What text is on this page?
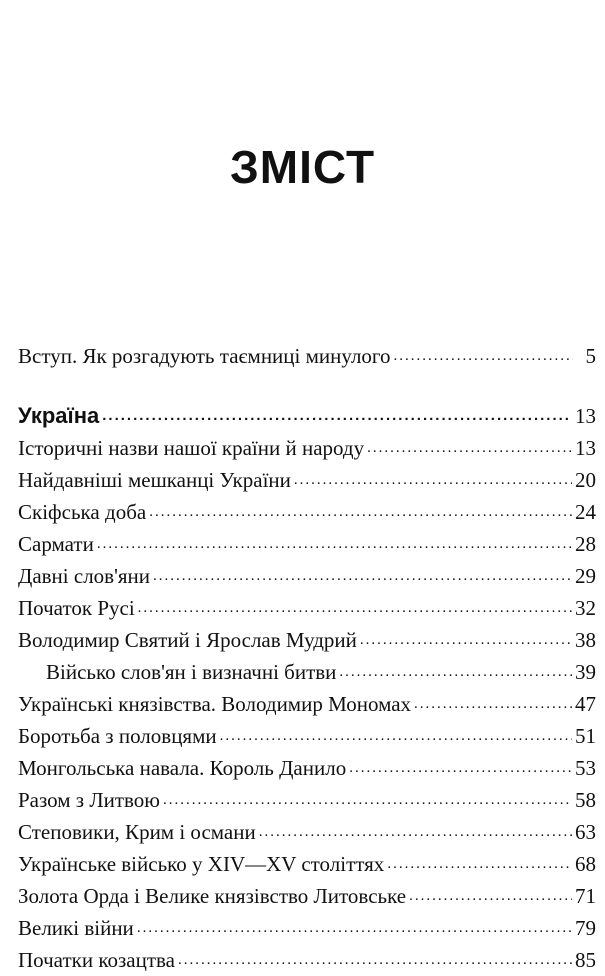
ЗМІСТ
Вступ. Як розгадують таємниці минулого .....	5
Україна .....	13
Історичні назви нашої країни й народу .....	13
Найдавніші мешканці України .....	20
Скіфська доба .....	24
Сармати .....	28
Давні слов'яни .....	29
Початок Русі .....	32
Володимир Святий і Ярослав Мудрий .....	38
Військо слов'ян і визначні битви .....	39
Українські князівства. Володимир Мономах .....	47
Боротьба з половцями .....	51
Монгольська навала. Король Данило .....	53
Разом з Литвою .....	58
Степовики, Крим і османи .....	63
Українське військо у XIV—XV століттях .....	68
Золота Орда і Велике князівство Литовське .....	71
Великі війни .....	79
Початки козацтва .....	85
